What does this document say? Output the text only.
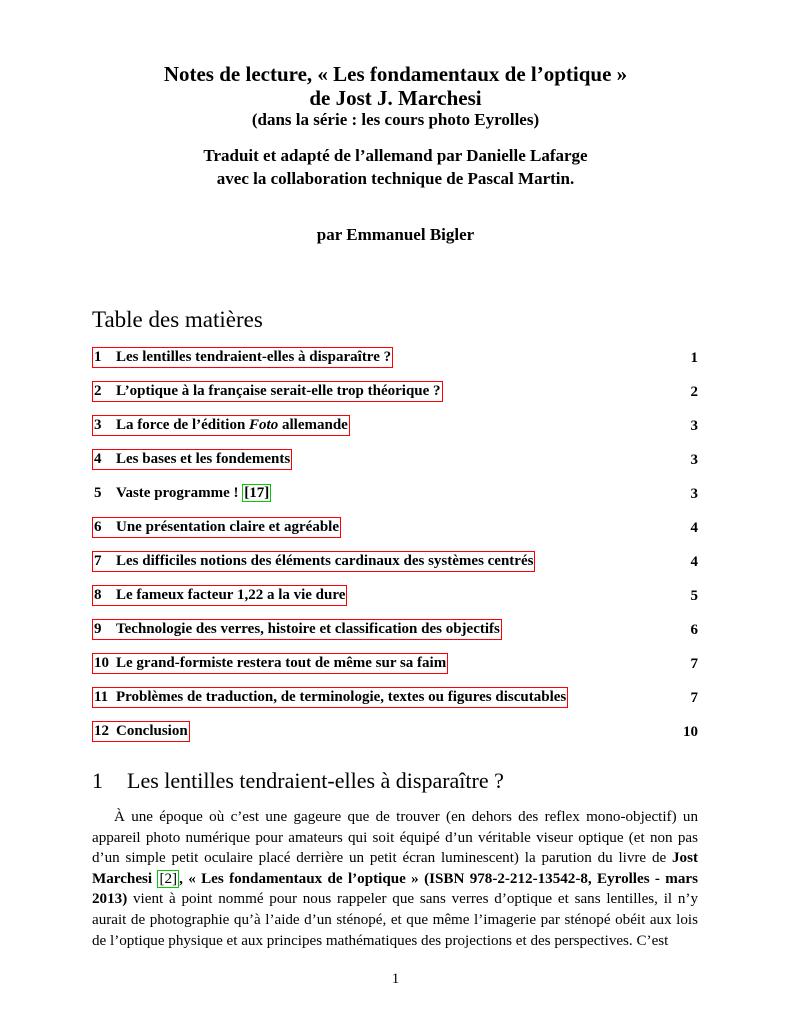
Notes de lecture, « Les fondamentaux de l’optique »
de Jost J. Marchesi
(dans la série : les cours photo Eyrolles)
Traduit et adapté de l’allemand par Danielle Lafarge
avec la collaboration technique de Pascal Martin.
par Emmanuel Bigler
Table des matières
1 Les lentilles tendraient-elles à disparaître ?	1
2 L’optique à la française serait-elle trop théorique ?	2
3 La force de l’édition Foto allemande	3
4 Les bases et les fondements	3
5 Vaste programme ! [17]	3
6 Une présentation claire et agréable	4
7 Les difficiles notions des éléments cardinaux des systèmes centrés	4
8 Le fameux facteur 1,22 a la vie dure	5
9 Technologie des verres, histoire et classification des objectifs	6
10 Le grand-formiste restera tout de même sur sa faim	7
11 Problèmes de traduction, de terminologie, textes ou figures discutables	7
12 Conclusion	10
1 Les lentilles tendraient-elles à disparaître ?

À une époque où c’est une gageure que de trouver (en dehors des reflex mono-objectif) un appareil photo numérique pour amateurs qui soit équipé d’un véritable viseur optique (et non pas d’un simple petit oculaire placé derrière un petit écran luminescent) la parution du livre de Jost Marchesi [2] , « Les fondamentaux de l’optique » (ISBN 978-2-212-13542-8, Eyrolles - mars 2013) vient à point nommé pour nous rappeler que sans verres d’optique et sans lentilles, il n’y aurait de photographie qu’à l’aide d’un sténopé, et que même l’imagerie par sténopé obéit aux lois de l’optique physique et aux principes mathématiques des projections et des perspectives. C’est

1
